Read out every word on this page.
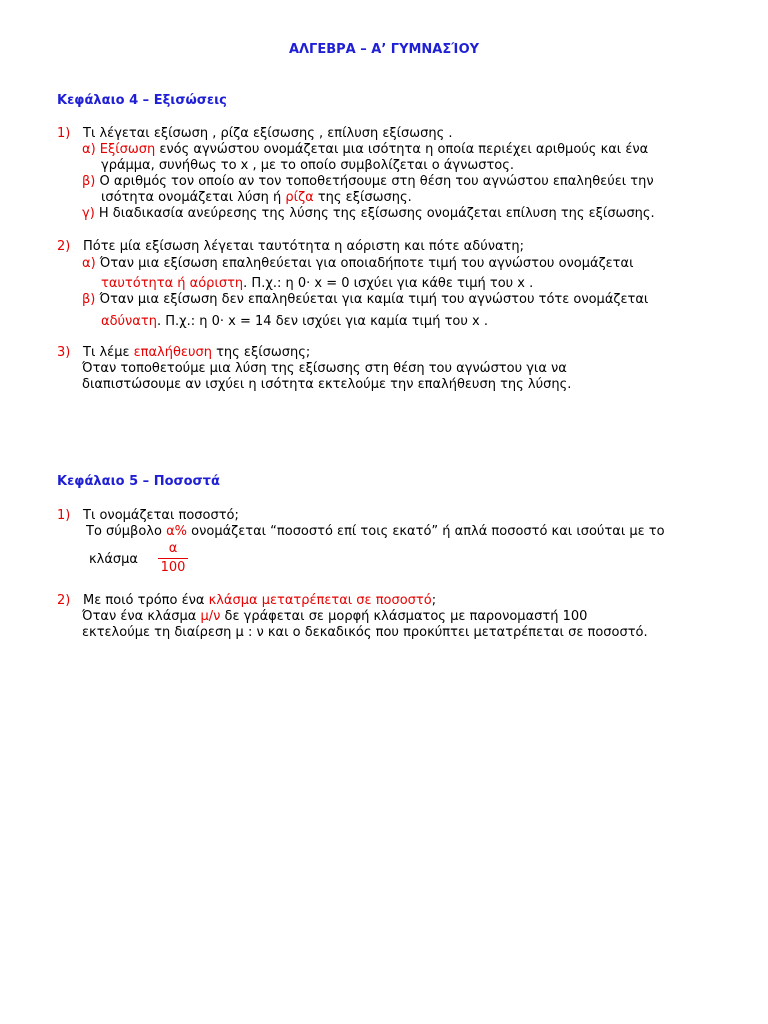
ΑΛΓΕΒΡΑ – Α’ ΓΥΜΝΑΣΊΟΥ
Κεφάλαιο 4 – Εξισώσεις
1) Τι λέγεται εξίσωση , ρίζα εξίσωσης , επίλυση εξίσωσης .
α) Εξίσωση ενός αγνώστου ονομάζεται μια ισότητα η οποία περιέχει αριθμούς και ένα
γράμμα, συνήθως το x , με το οποίο συμβολίζεται ο άγνωστος.
β) Ο αριθμός τον οποίο αν τον τοποθετήσουμε στη θέση του αγνώστου επαληθεύει την
ισότητα ονομάζεται λύση ή ρίζα της εξίσωσης.
γ) Η διαδικασία ανεύρεσης της λύσης της εξίσωσης ονομάζεται επίλυση της εξίσωσης.
2) Πότε μία εξίσωση λέγεται ταυτότητα η αόριστη και πότε αδύνατη;
α) Όταν μια εξίσωση επαληθεύεται για οποιαδήποτε τιμή του αγνώστου ονομάζεται
ταυτότητα ή αόριστη. Π.χ.: η 0· x = 0 ισχύει για κάθε τιμή του x .
β) Όταν μια εξίσωση δεν επαληθεύεται για καμία τιμή του αγνώστου τότε ονομάζεται
αδύνατη. Π.χ.: η 0· x = 14 δεν ισχύει για καμία τιμή του x .
3) Τι λέμε επαλήθευση της εξίσωσης;
Όταν τοποθετούμε μια λύση της εξίσωσης στη θέση του αγνώστου για να
διαπιστώσουμε αν ισχύει η ισότητα εκτελούμε την επαλήθευση της λύσης.
Κεφάλαιο 5 – Ποσοστά
1) Τι ονομάζεται ποσοστό;
Το σύμβολο α% ονομάζεται “ποσοστό επί τοις εκατό” ή απλά ποσοστό και ισούται με το
κλάσμα
α
100
2) Με ποιό τρόπο ένα κλάσμα μετατρέπεται σε ποσοστό;
Όταν ένα κλάσμα μ/ν δε γράφεται σε μορφή κλάσματος με παρονομαστή 100
εκτελούμε τη διαίρεση μ : ν και ο δεκαδικός που προκύπτει μετατρέπεται σε ποσοστό.
